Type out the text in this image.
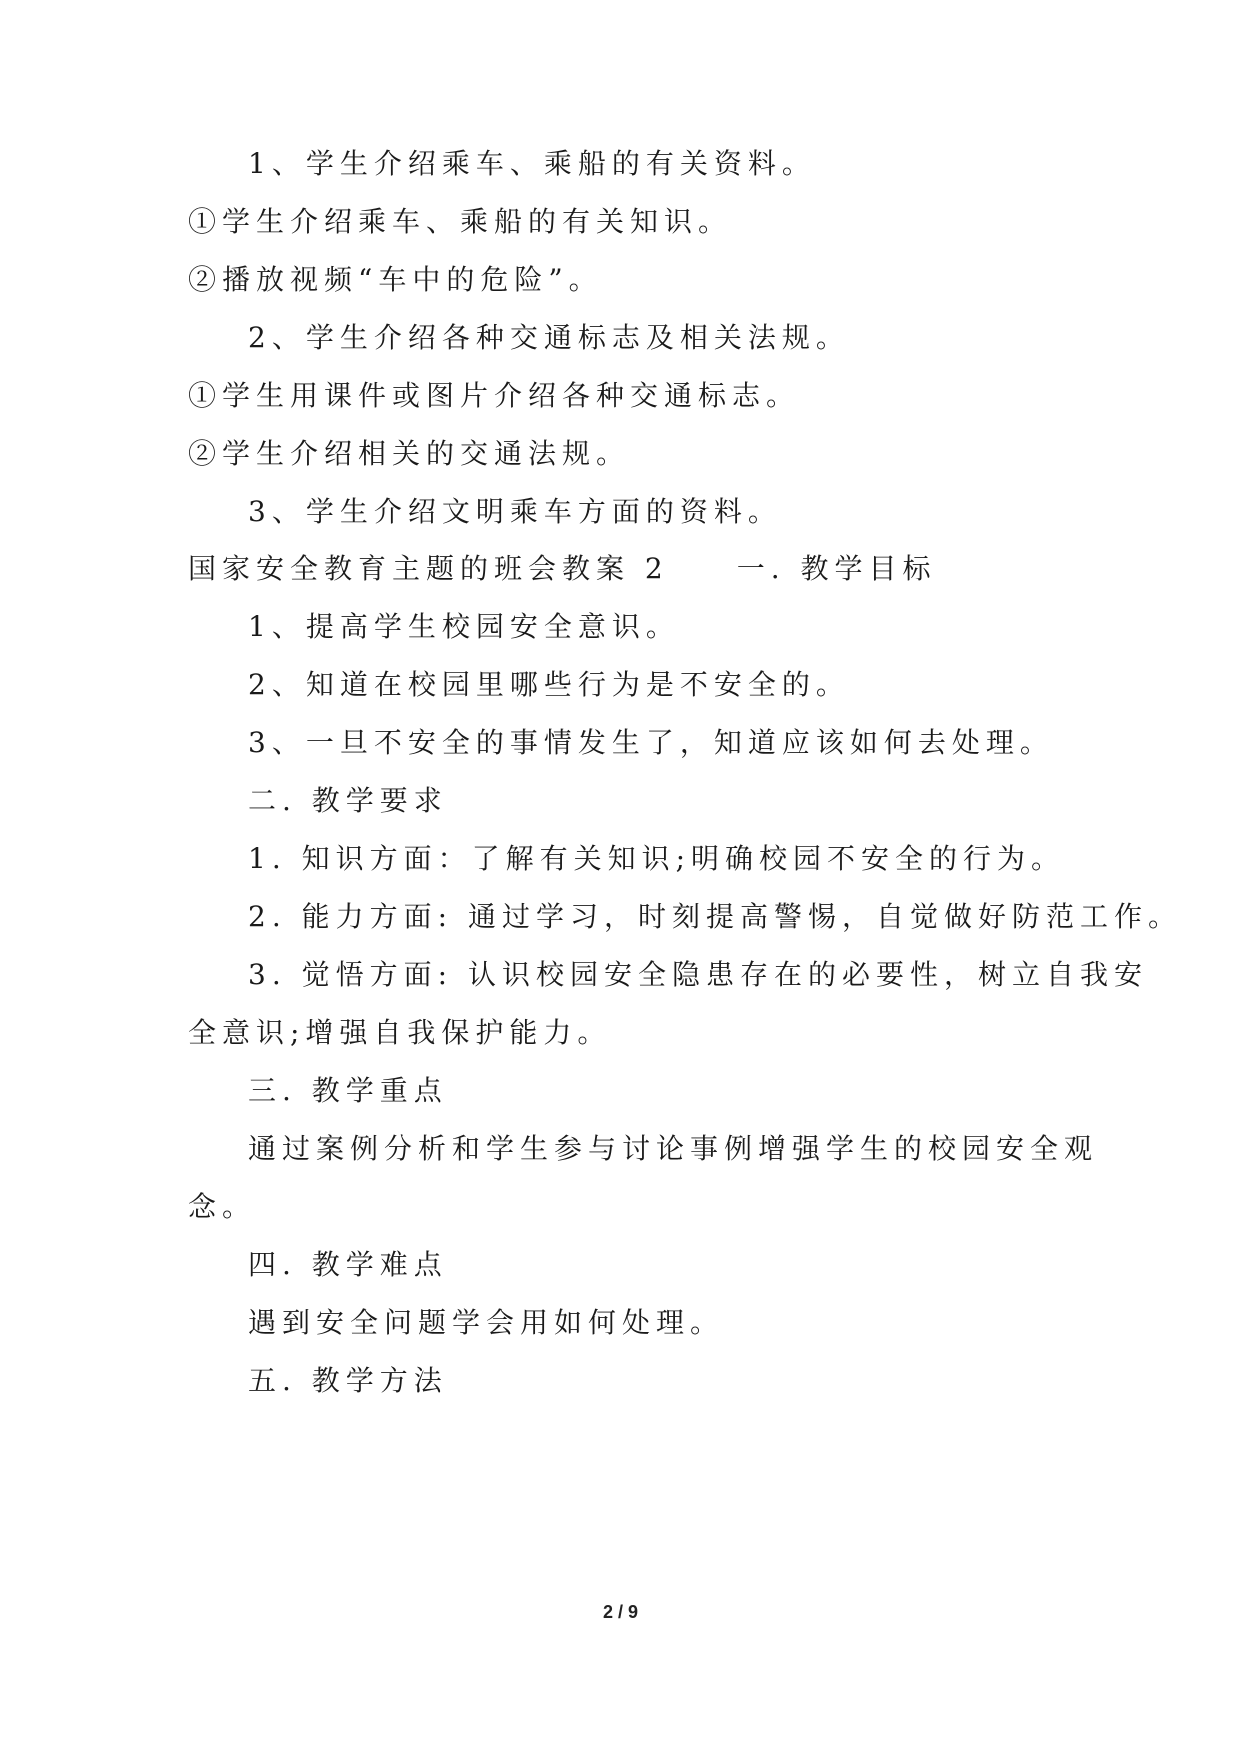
1、学生介绍乘车、乘船的有关资料。
①学生介绍乘车、乘船的有关知识。
②播放视频“车中的危险”。
2、学生介绍各种交通标志及相关法规。
①学生用课件或图片介绍各种交通标志。
②学生介绍相关的交通法规。
3、学生介绍文明乘车方面的资料。
国家安全教育主题的班会教案 2　　一. 教学目标
1、提高学生校园安全意识。
2、知道在校园里哪些行为是不安全的。
3、一旦不安全的事情发生了，知道应该如何去处理。
二. 教学要求
1. 知识方面：了解有关知识;明确校园不安全的行为。
2. 能力方面: 通过学习，时刻提高警惕，自觉做好防范工作。
3. 觉悟方面: 认识校园安全隐患存在的必要性，树立自我安
全意识;增强自我保护能力。
三. 教学重点
通过案例分析和学生参与讨论事例增强学生的校园安全观
念。
四. 教学难点
遇到安全问题学会用如何处理。
五. 教学方法
2 / 9
